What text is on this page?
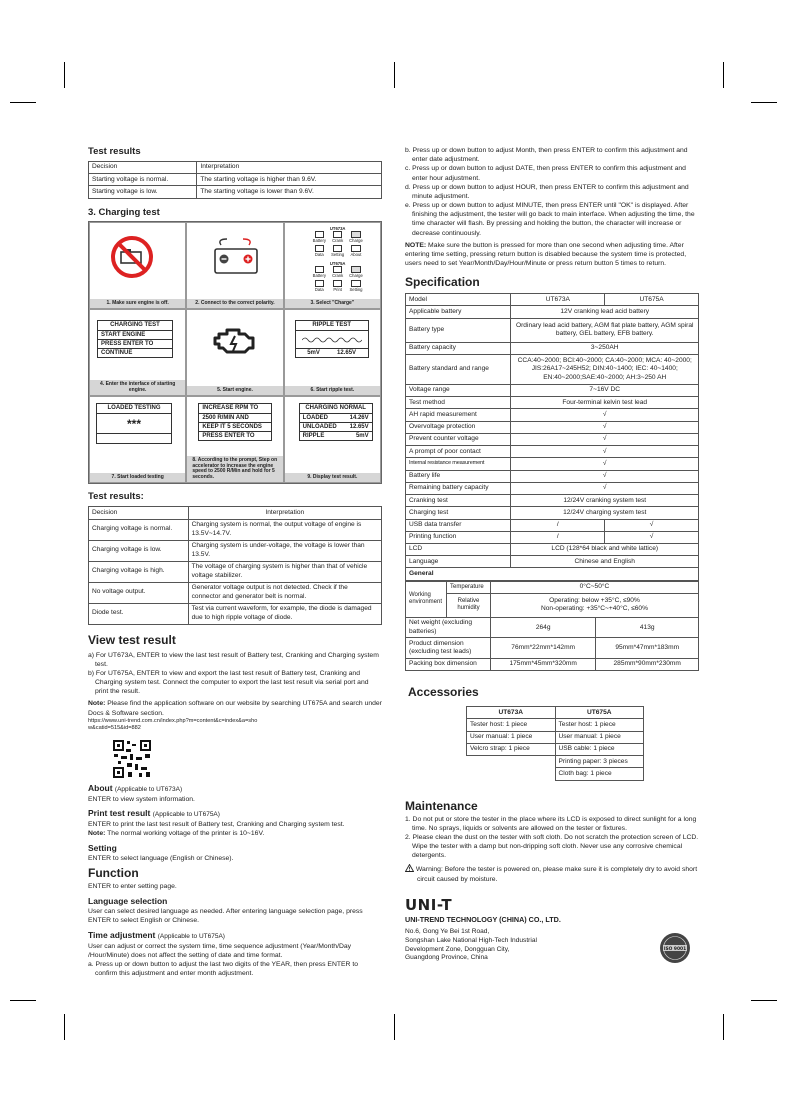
Test results
Decision	Interpretation
Starting voltage is normal.	The starting voltage is higher than 9.6V.
Starting voltage is low.	The starting voltage is lower than 9.6V.
3. Charging test
1. Make sure engine is off.	2. Connect to the correct polarity.
UT673A
Battery	Crank	Charge
Data	Setting	About
UT675A
Battery	Crank	Charge
Data	Print	Setting
3. Select "Charge"
CHARGING TEST
START ENGINE
PRESS ENTER TO
CONTINUE
4. Enter the interface of starting engine.	5. Start engine.
RIPPLE TEST
5mV	12.65V
6. Start ripple test.
LOADED TESTING
***
7. Start loaded testing
INCREASE RPM TO
2500 R/MIN AND
KEEP IT 5 SECONDS
PRESS ENTER TO
8. According to the prompt, Step on accelerator to increase the engine speed to 2500 R/Min and hold for 5 seconds.
CHARGING NORMAL
LOADED	14.26V
UNLOADED 12.65V
RIPPLE	5mV
9. Display test result.
Test results:
Decision	Interpretation
Charging voltage is normal.	Charging system is normal, the output voltage of engine is 13.5V~14.7V.
Charging voltage is low.	Charging system is under-voltage, the voltage is lower than 13.5V.
Charging voltage is high.	The voltage of charging system is higher than that of vehicle voltage stabilizer.
No voltage output.	Generator voltage output is not detected. Check if the connector and generator belt is normal.
Diode test.	Test via current waveform, for example, the diode is damaged due to high ripple voltage of diode.
View test result

a) For UT673A, ENTER to view the last test result of Battery test, Cranking and Charging system test.

b) For UT675A, ENTER to view and export the last test result of Battery test, Cranking and Charging system test. Connect the computer to export the last test result via serial port and print the result.

Note: Please find the application software on our website by searching UT675A and search under Docs & Software section.

https://www.uni-trend.com.cn/index.php?m=content&c=index&a=show&catid=515&id=882

About (Applicable to UT673A)

ENTER to view system information.

Print test result (Applicable to UT675A)

ENTER to print the last test result of Battery test, Cranking and Charging system test.

Note: The normal working voltage of the printer is 10~16V.

Setting

ENTER to select language (English or Chinese).

Function

ENTER to enter setting page.

Language selection

User can select desired language as needed. After entering language selection page, press ENTER to select English or Chinese.

Time adjustment (Applicable to UT675A)

User can adjust or correct the system time, time sequence adjustment (Year/Month/Day /Hour/Minute) does not affect the setting of date and time format.

a. Press up or down button to adjust the last two digits of the YEAR, then press ENTER to confirm this adjustment and enter month adjustment.

b. Press up or down button to adjust Month, then press ENTER to confirm this adjustment and enter date adjustment.
c. Press up or down button to adjust DATE, then press ENTER to confirm this adjustment and enter hour adjustment.
d. Press up or down button to adjust HOUR, then press ENTER to confirm this adjustment and minute adjustment.
e. Press up or down button to adjust MINUTE, then press ENTER until "OK" is displayed. After finishing the adjustment, the tester will go back to main interface. When adjusting the time, the time character will flash. By pressing and holding the button, the character will increase or decrease continuously.

NOTE: Make sure the button is pressed for more than one second when adjusting time. After entering time setting, pressing return button is disabled because the system time is protected, users need to set Year/Month/Day/Hour/Minute or press return button 5 times to return.

Specification
Model	UT673A	UT675A
Applicable battery	12V cranking lead acid battery	
Battery type	Ordinary lead acid battery, AGM flat plate battery, AGM spiral battery, GEL battery, EFB battery.	
Battery capacity	3~250AH	
Battery standard and range	CCA:40~2000; BCI:40~2000; CA:40~2000; MCA: 40~2000; JIS:26A17~245H52; DIN:40~1400; IEC: 40~1400; EN:40~2000;SAE:40~2000; AH:3~250 AH	
Voltage range	7~16V DC	
Test method	Four-terminal kelvin test lead	
AH rapid measurement	√	
Overvoltage protection	√	
Prevent counter voltage	√	
A prompt of poor contact	√	
Internal resistance measurement	√	
Battery life	√	
Remaining battery capacity	√	
Cranking test	12/24V cranking system test	
Charging test	12/24V charging system test	
USB data transfer	/	√
Printing function	/	√
LCD	LCD (128*64 black and white lattice)	
Language	Chinese and English	
General		
Working environment	Temperature	0°C~50°C	
	Relative humidity	Operating: below +35°C, ≤90%
Non-operating: +35°C~+40°C, ≤60%	

Net weight (excluding batteries)		264g	413g
Product dimension (excluding test leads)		76mm*22mm*142mm	95mm*47mm*183mm
Packing box dimension		175mm*45mm*320mm	285mm*90mm*230mm
Accessories
UT673A	UT675A
Tester host: 1 piece	Tester host: 1 piece
User manual: 1 piece	User manual: 1 piece
Velcro strap: 1 piece	USB cable: 1 piece
	Printing paper: 3 pieces
	Cloth bag: 1 piece
Maintenance
1. Do not put or store the tester in the place where its LCD is exposed to direct sunlight for a long time. No sprays, liquids or solvents are allowed on the tester or fixtures.
2. Please clean the dust on the tester with soft cloth. Do not scratch the protection screen of LCD. Wipe the tester with a damp but non-dripping soft cloth. Never use any corrosive chemical detergents.

Warning: Before the tester is powered on, please make sure it is completely dry to avoid short circuit caused by moisture.

UNI-T
UNI-TREND TECHNOLOGY (CHINA) CO., LTD.
No.6, Gong Ye Bei 1st Road,
Songshan Lake National High-Tech Industrial
Development Zone, Dongguan City,
Guangdong Province, China
ISO 9001
